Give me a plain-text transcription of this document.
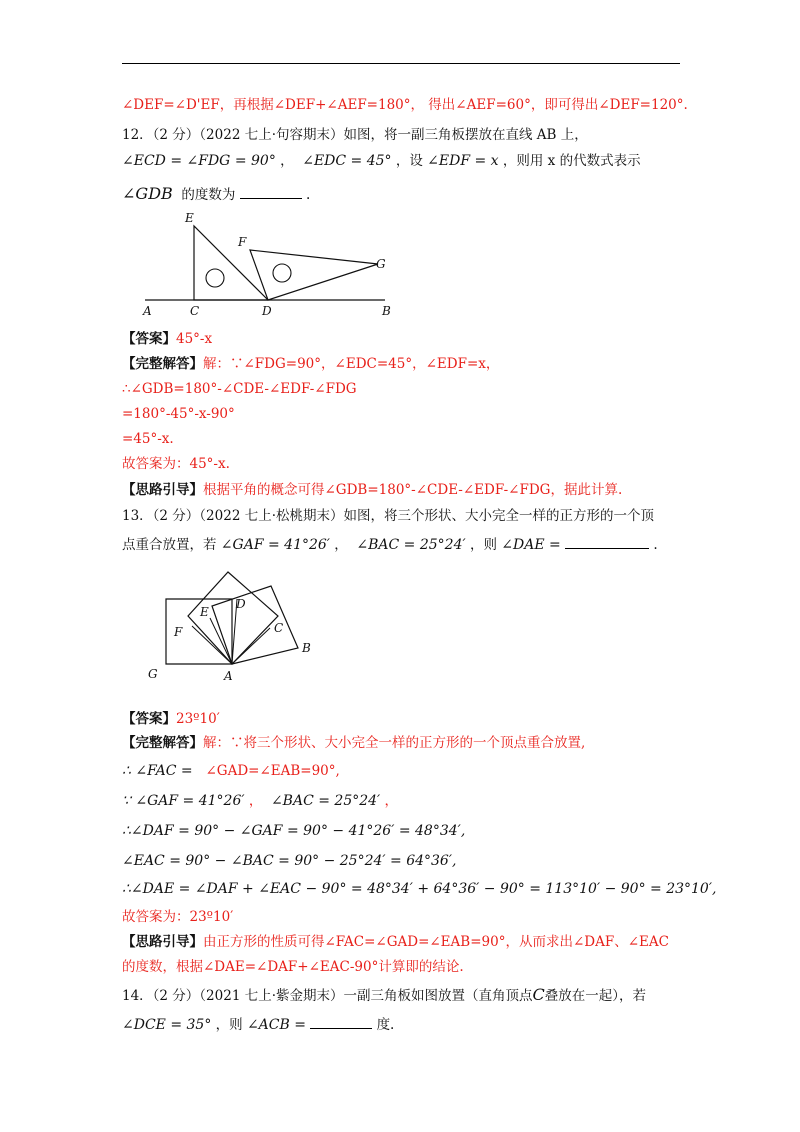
∠DEF=∠D'EF，再根据∠DEF+∠AEF=180°， 得出∠AEF=60°，即可得出∠DEF=120°.
12．（2 分）（2022 七上·句容期末）如图，将一副三角板摆放在直线 AB 上，
∠ECD = ∠FDG = 90° ， ∠EDC = 45° ，设 ∠EDF = x ，则用 x 的代数式表示
∠GDB 的度数为	.
E
F
G
A	C	D	B
【答案】45°-x
【完整解答】解：∵∠FDG=90°，∠EDC=45°，∠EDF=x，
∴∠GDB=180°-∠CDE-∠EDF-∠FDG
=180°-45°-x-90°
=45°-x.
故答案为：45°-x.
【思路引导】根据平角的概念可得∠GDB=180°-∠CDE-∠EDF-∠FDG，据此计算.
13．（2 分）（2022 七上·松桃期末）如图，将三个形状、大小完全一样的正方形的一个顶
点重合放置，若 ∠GAF = 41°26′ ， ∠BAC = 25°24′ ，则 ∠DAE =	.
D
E
F	C
B
G	A
【答案】23º10′
【完整解答】解：∵将三个形状、大小完全一样的正方形的一个顶点重合放置,
∴ ∠FAC = ∠GAD=∠EAB=90°,
∵ ∠GAF = 41°26′ ， ∠BAC = 25°24′ ，
∴∠DAF = 90° − ∠GAF = 90° − 41°26′ = 48°34′,
∠EAC = 90° − ∠BAC = 90° − 25°24′ = 64°36′,
∴∠DAE = ∠DAF + ∠EAC − 90° = 48°34′ + 64°36′ − 90° = 113°10′ − 90° = 23°10′,
故答案为：23º10′
【思路引导】由正方形的性质可得∠FAC=∠GAD=∠EAB=90°，从而求出∠DAF、∠EAC
的度数，根据∠DAE=∠DAF+∠EAC-90°计算即的结论.
14．（2 分）（2021 七上·紫金期末）一副三角板如图放置（直角顶点C叠放在一起），若
∠DCE = 35° ，则 ∠ACB =	度.
